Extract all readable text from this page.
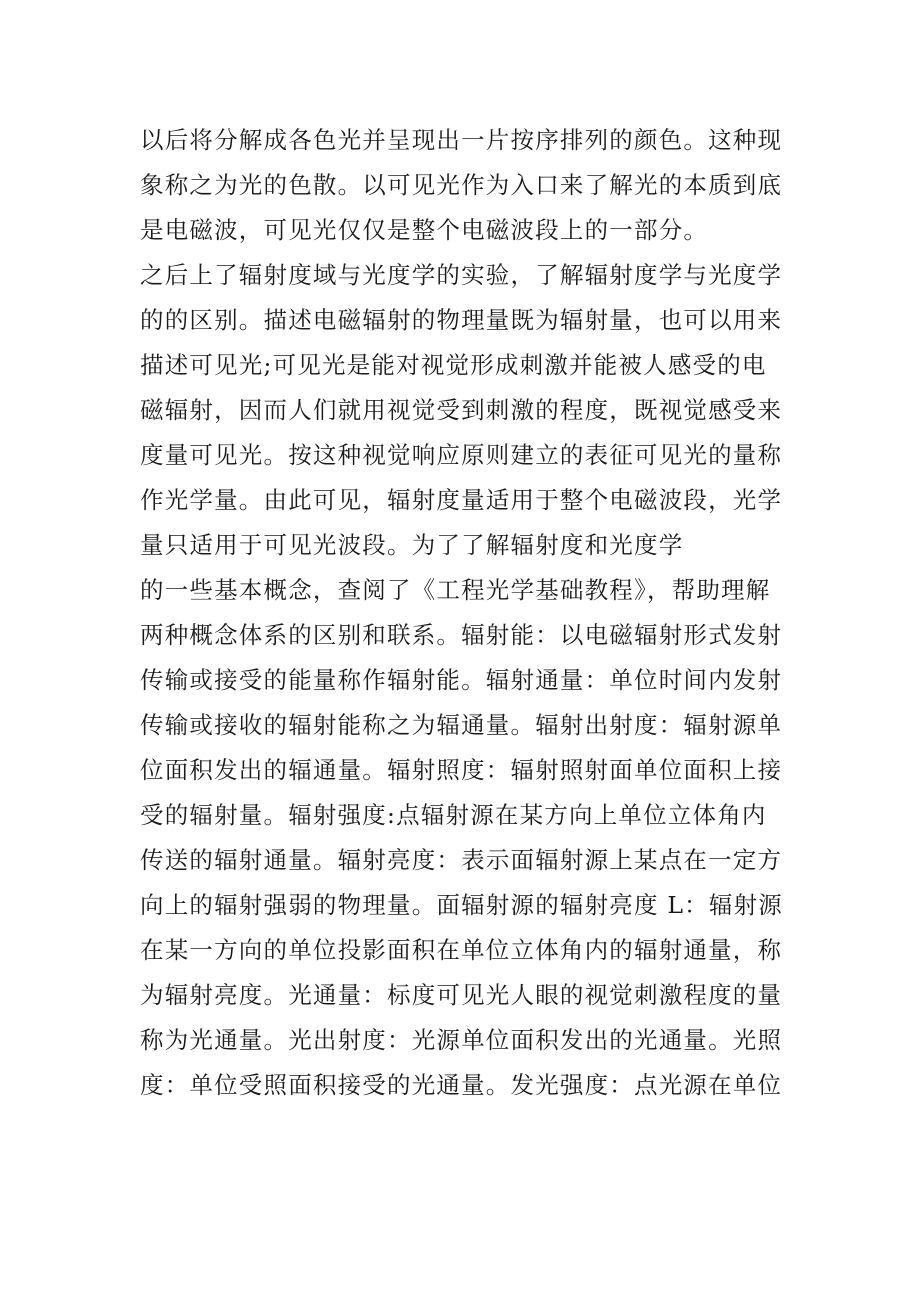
以后将分解成各色光并呈现出一片按序排列的颜色。这种现
象称之为光的色散。以可见光作为入口来了解光的本质到底
是电磁波，可见光仅仅是整个电磁波段上的一部分。
之后上了辐射度域与光度学的实验，了解辐射度学与光度学
的的区别。描述电磁辐射的物理量既为辐射量，也可以用来
描述可见光;可见光是能对视觉形成刺激并能被人感受的电
磁辐射，因而人们就用视觉受到刺激的程度，既视觉感受来
度量可见光。按这种视觉响应原则建立的表征可见光的量称
作光学量。由此可见，辐射度量适用于整个电磁波段，光学
量只适用于可见光波段。为了了解辐射度和光度学
的一些基本概念，查阅了《工程光学基础教程》，帮助理解
两种概念体系的区别和联系。辐射能：以电磁辐射形式发射
传输或接受的能量称作辐射能。辐射通量：单位时间内发射
传输或接收的辐射能称之为辐通量。辐射出射度：辐射源单
位面积发出的辐通量。辐射照度：辐射照射面单位面积上接
受的辐射量。辐射强度:点辐射源在某方向上单位立体角内
传送的辐射通量。辐射亮度：表示面辐射源上某点在一定方
向上的辐射强弱的物理量。面辐射源的辐射亮度 L：辐射源
在某一方向的单位投影面积在单位立体角内的辐射通量，称
为辐射亮度。光通量：标度可见光人眼的视觉刺激程度的量
称为光通量。光出射度：光源单位面积发出的光通量。光照
度：单位受照面积接受的光通量。发光强度：点光源在单位
